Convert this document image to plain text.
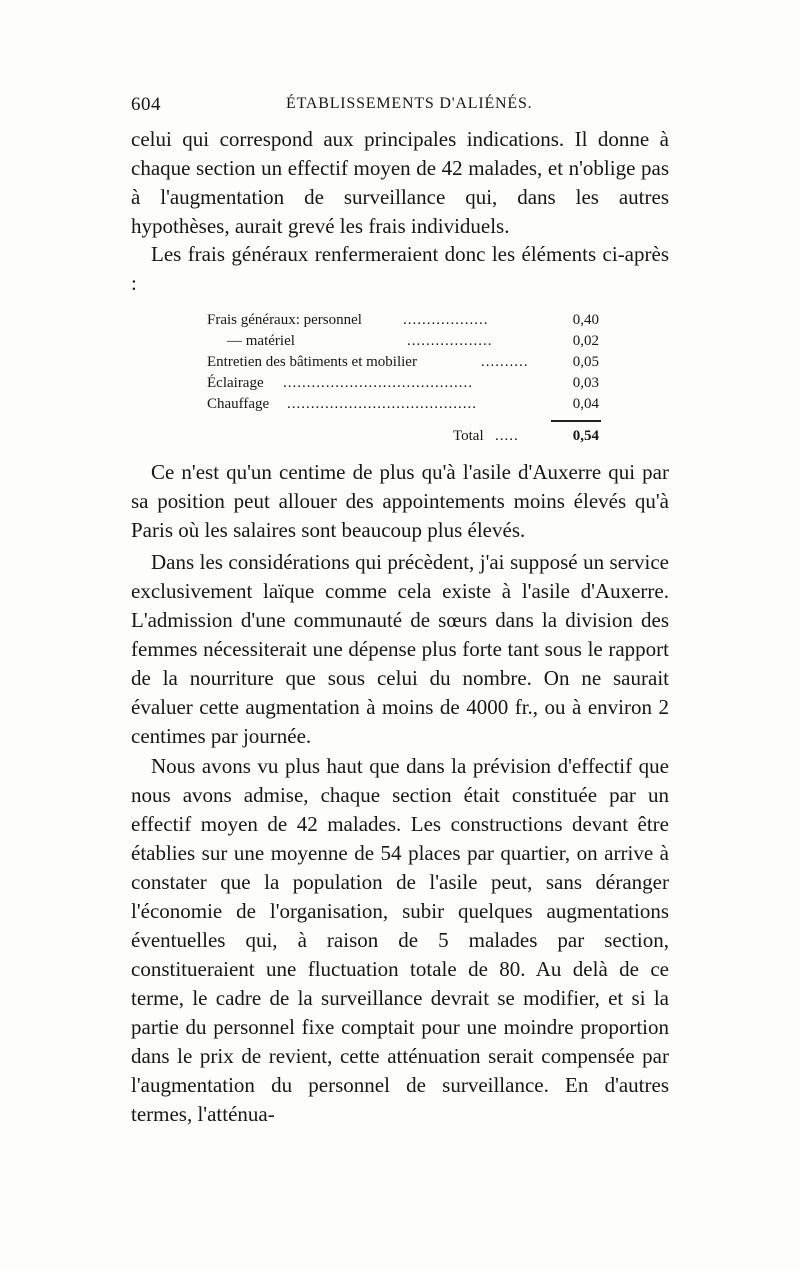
604	ÉTABLISSEMENTS D'ALIÉNÉS.

celui qui correspond aux principales indications. Il donne à chaque section un effectif moyen de 42 malades, et n'oblige pas à l'augmentation de surveillance qui, dans les autres hypothèses, aurait grevé les frais individuels.

Les frais généraux renfermeraient donc les éléments ci-après :

Frais généraux: personnel	..................	0,40
— matériel	..................	0,02
Entretien des bâtiments et mobilier	..........	0,05
Éclairage ........................................	0,03
Chauffage ........................................	0,04
Total .....	0,54

Ce n'est qu'un centime de plus qu'à l'asile d'Auxerre qui par sa position peut allouer des appointements moins élevés qu'à Paris où les salaires sont beaucoup plus élevés.

Dans les considérations qui précèdent, j'ai supposé un service exclusivement laïque comme cela existe à l'asile d'Auxerre. L'admission d'une communauté de sœurs dans la division des femmes nécessiterait une dépense plus forte tant sous le rapport de la nourriture que sous celui du nombre. On ne saurait évaluer cette augmentation à moins de 4000 fr., ou à environ 2 centimes par journée.

Nous avons vu plus haut que dans la prévision d'effectif que nous avons admise, chaque section était constituée par un effectif moyen de 42 malades. Les constructions devant être établies sur une moyenne de 54 places par quartier, on arrive à constater que la population de l'asile peut, sans déranger l'économie de l'organisation, subir quelques augmentations éventuelles qui, à raison de 5 malades par section, constitueraient une fluctuation totale de 80. Au delà de ce terme, le cadre de la surveillance devrait se modifier, et si la partie du personnel fixe comptait pour une moindre proportion dans le prix de revient, cette atténuation serait compensée par l'augmentation du personnel de surveillance. En d'autres termes, l'atténua-
